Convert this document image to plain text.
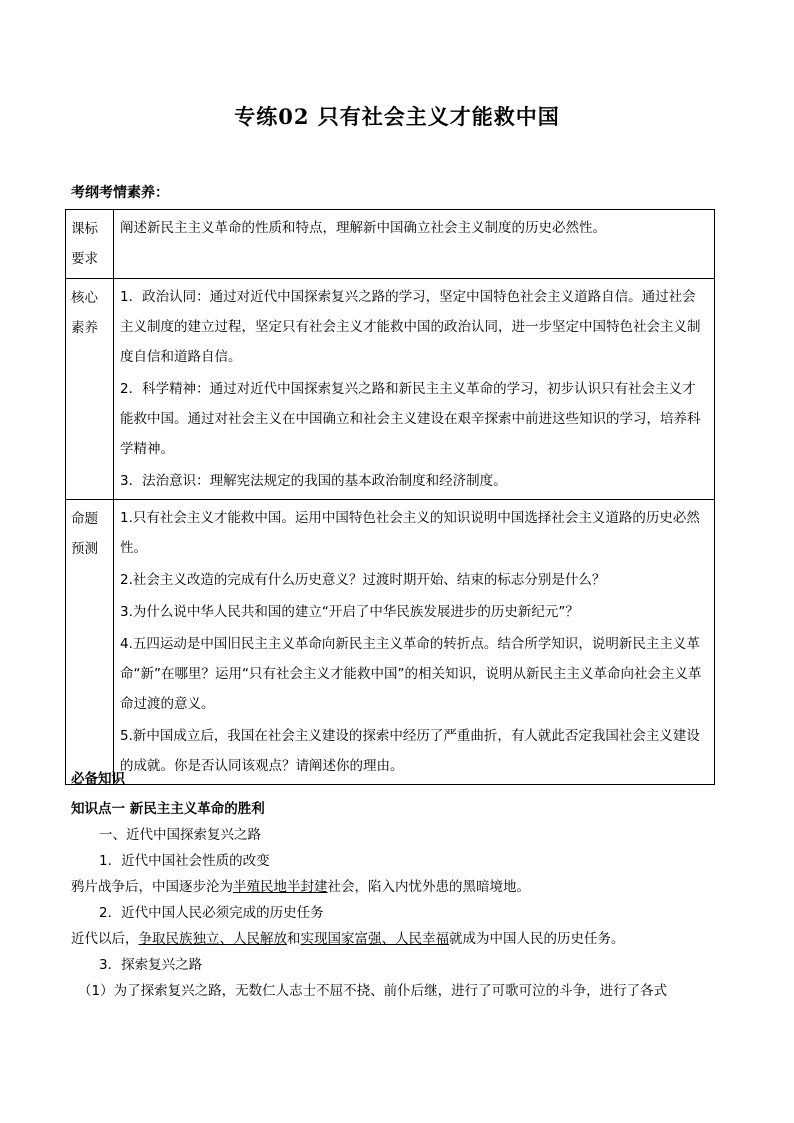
专练02 只有社会主义才能救中国
考纲考情素养：
课标要求	阐述新民主主义革命的性质和特点，理解新中国确立社会主义制度的历史必然性。

核心素养	1．政治认同：通过对近代中国探索复兴之路的学习，坚定中国特色社会主义道路自信。通过社会主义制度的建立过程，坚定只有社会主义才能救中国的政治认同，进一步坚定中国特色社会主义制度自信和道路自信。

2．科学精神：通过对近代中国探索复兴之路和新民主主义革命的学习，初步认识只有社会主义才能救中国。通过对社会主义在中国确立和社会主义建设在艰辛探索中前进这些知识的学习，培养科学精神。

3．法治意识：理解宪法规定的我国的基本政治制度和经济制度。

命题预测	1.只有社会主义才能救中国。运用中国特色社会主义的知识说明中国选择社会主义道路的历史必然性。

2.社会主义改造的完成有什么历史意义？过渡时期开始、结束的标志分别是什么？

3.为什么说中华人民共和国的建立“开启了中华民族发展进步的历史新纪元”？

4.五四运动是中国旧民主主义革命向新民主主义革命的转折点。结合所学知识，说明新民主主义革命“新”在哪里？运用“只有社会主义才能救中国”的相关知识，说明从新民主主义革命向社会主义革命过渡的意义。

5.新中国成立后，我国在社会主义建设的探索中经历了严重曲折，有人就此否定我国社会主义建设的成就。你是否认同该观点？请阐述你的理由。

必备知识
知识点一 新民主主义革命的胜利
一、近代中国探索复兴之路
1．近代中国社会性质的改变
鸦片战争后，中国逐步沦为半殖民地半封建社会，陷入内忧外患的黑暗境地。
2．近代中国人民必须完成的历史任务
近代以后，争取民族独立、人民解放和实现国家富强、人民幸福就成为中国人民的历史任务。
3．探索复兴之路
（1）为了探索复兴之路，无数仁人志士不屈不挠、前仆后继，进行了可歌可泣的斗争，进行了各式
